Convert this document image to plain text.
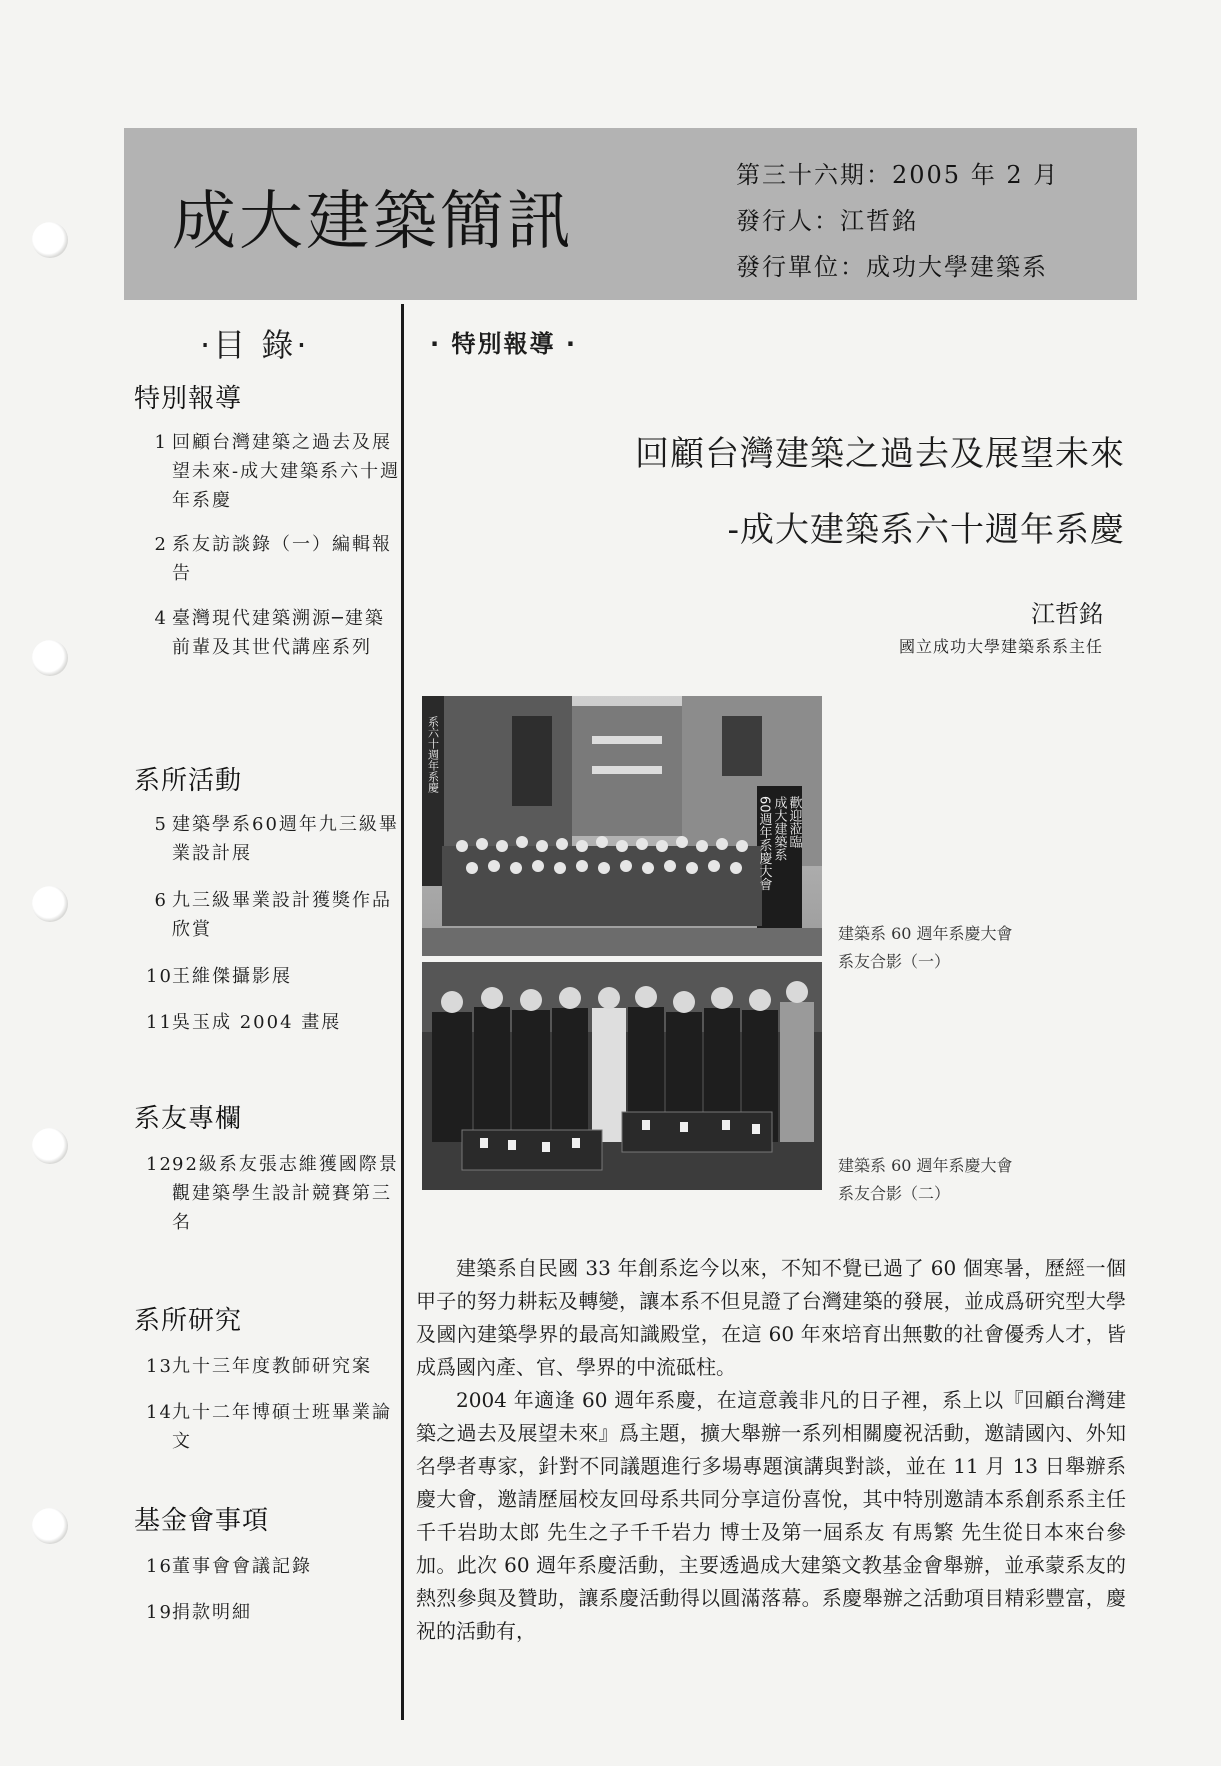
成大建築簡訊
第三十六期：2005 年 2 月
發行人：江哲銘
發行單位：成功大學建築系
·目 錄·
特別報導
1 回顧台灣建築之過去及展望未來-成大建築系六十週年系慶
2 系友訪談錄（一）編輯報告
4 臺灣現代建築溯源─建築前輩及其世代講座系列
系所活動
5 建築學系60週年九三級畢業設計展
6 九三級畢業設計獲獎作品欣賞
10 王維傑攝影展
11 吳玉成 2004 畫展
系友專欄
12 92級系友張志維獲國際景觀建築學生設計競賽第三名
系所研究
13 九十三年度教師研究案
14 九十二年博碩士班畢業論文
基金會事項
16 董事會會議記錄
19 捐款明細
· 特別報導 ·
回顧台灣建築之過去及展望未來
-成大建築系六十週年系慶
江哲銘
國立成功大學建築系系主任
系六十週年系慶
歡迎蒞臨
成大建築系
60週年系慶大會
建築系 60 週年系慶大會
系友合影（一）
建築系 60 週年系慶大會
系友合影（二）

建築系自民國 33 年創系迄今以來，不知不覺已過了 60 個寒暑，歷經一個甲子的努力耕耘及轉變，讓本系不但見證了台灣建築的發展，並成爲研究型大學及國內建築學界的最高知識殿堂，在這 60 年來培育出無數的社會優秀人才，皆成爲國內產、官、學界的中流砥柱。

2004 年適逢 60 週年系慶，在這意義非凡的日子裡，系上以『回顧台灣建築之過去及展望未來』爲主題，擴大舉辦一系列相關慶祝活動，邀請國內、外知名學者專家，針對不同議題進行多場專題演講與對談，並在 11 月 13 日舉辦系慶大會，邀請歷屆校友回母系共同分享這份喜悅，其中特別邀請本系創系系主任千千岩助太郎 先生之子千千岩力 博士及第一屆系友 有馬繁 先生從日本來台參加。此次 60 週年系慶活動，主要透過成大建築文教基金會舉辦，並承蒙系友的熱烈參與及贊助，讓系慶活動得以圓滿落幕。系慶舉辦之活動項目精彩豐富，慶祝的活動有，
